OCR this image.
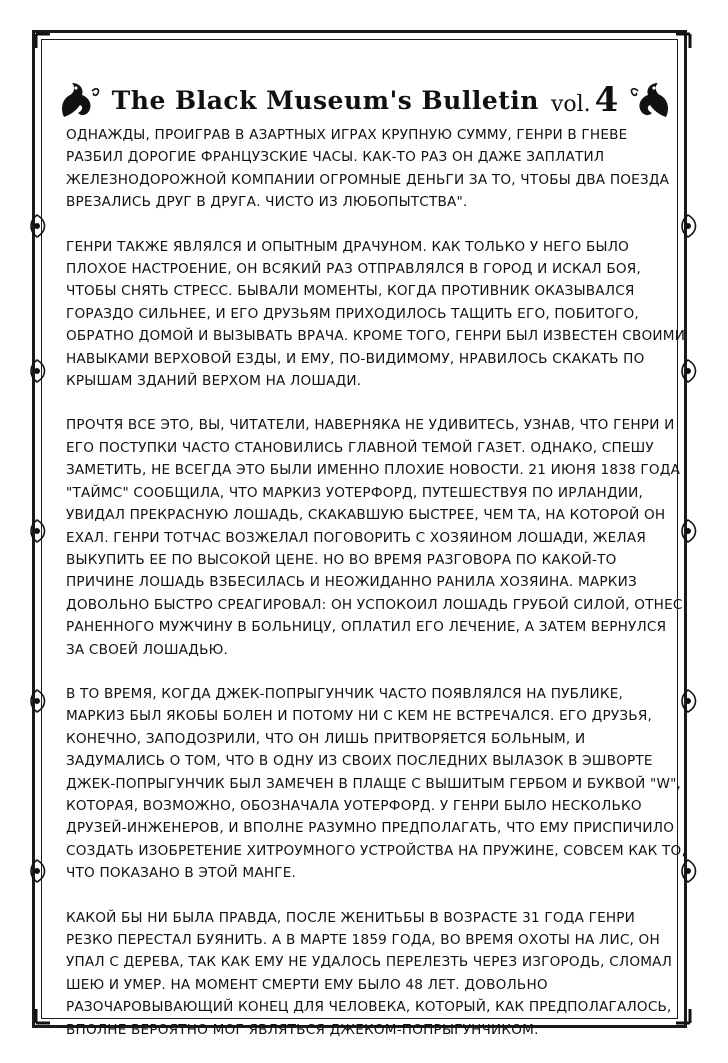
The Black Museum's Bulletin vol. 4

ОДНАЖДЫ, ПРОИГРАВ В АЗАРТНЫХ ИГРАХ КРУПНУЮ СУММУ, ГЕНРИ В ГНЕВЕ РАЗБИЛ ДОРОГИЕ ФРАНЦУЗСКИЕ ЧАСЫ. КАК-ТО РАЗ ОН ДАЖЕ ЗАПЛАТИЛ ЖЕЛЕЗНОДОРОЖНОЙ КОМПАНИИ ОГРОМНЫЕ ДЕНЬГИ ЗА ТО, ЧТОБЫ ДВА ПОЕЗДА ВРЕЗАЛИСЬ ДРУГ В ДРУГА. ЧИСТО ИЗ ЛЮБОПЫТСТВА".

ГЕНРИ ТАКЖЕ ЯВЛЯЛСЯ И ОПЫТНЫМ ДРАЧУНОМ. КАК ТОЛЬКО У НЕГО БЫЛО ПЛОХОЕ НАСТРОЕНИЕ, ОН ВСЯКИЙ РАЗ ОТПРАВЛЯЛСЯ В ГОРОД И ИСКАЛ БОЯ, ЧТОБЫ СНЯТЬ СТРЕСС. БЫВАЛИ МОМЕНТЫ, КОГДА ПРОТИВНИК ОКАЗЫВАЛСЯ ГОРАЗДО СИЛЬНЕЕ, И ЕГО ДРУЗЬЯМ ПРИХОДИЛОСЬ ТАЩИТЬ ЕГО, ПОБИТОГО, ОБРАТНО ДОМОЙ И ВЫЗЫВАТЬ ВРАЧА. КРОМЕ ТОГО, ГЕНРИ БЫЛ ИЗВЕСТЕН СВОИМИ НАВЫКАМИ ВЕРХОВОЙ ЕЗДЫ, И ЕМУ, ПО-ВИДИМОМУ, НРАВИЛОСЬ СКАКАТЬ ПО КРЫШАМ ЗДАНИЙ ВЕРХОМ НА ЛОШАДИ.

ПРОЧТЯ ВСЕ ЭТО, ВЫ, ЧИТАТЕЛИ, НАВЕРНЯКА НЕ УДИВИТЕСЬ, УЗНАВ, ЧТО ГЕНРИ И ЕГО ПОСТУПКИ ЧАСТО СТАНОВИЛИСЬ ГЛАВНОЙ ТЕМОЙ ГАЗЕТ. ОДНАКО, СПЕШУ ЗАМЕТИТЬ, НЕ ВСЕГДА ЭТО БЫЛИ ИМЕННО ПЛОХИЕ НОВОСТИ. 21 ИЮНЯ 1838 ГОДА "ТАЙМС" СООБЩИЛА, ЧТО МАРКИЗ УОТЕРФОРД, ПУТЕШЕСТВУЯ ПО ИРЛАНДИИ, УВИДАЛ ПРЕКРАСНУЮ ЛОШАДЬ, СКАКАВШУЮ БЫСТРЕЕ, ЧЕМ ТА, НА КОТОРОЙ ОН ЕХАЛ. ГЕНРИ ТОТЧАС ВОЗЖЕЛАЛ ПОГОВОРИТЬ С ХОЗЯИНОМ ЛОШАДИ, ЖЕЛАЯ ВЫКУПИТЬ ЕЕ ПО ВЫСОКОЙ ЦЕНЕ. НО ВО ВРЕМЯ РАЗГОВОРА ПО КАКОЙ-ТО ПРИЧИНЕ ЛОШАДЬ ВЗБЕСИЛАСЬ И НЕОЖИДАННО РАНИЛА ХОЗЯИНА. МАРКИЗ ДОВОЛЬНО БЫСТРО СРЕАГИРОВАЛ: ОН УСПОКОИЛ ЛОШАДЬ ГРУБОЙ СИЛОЙ, ОТНЕС РАНЕННОГО МУЖЧИНУ В БОЛЬНИЦУ, ОПЛАТИЛ ЕГО ЛЕЧЕНИЕ, А ЗАТЕМ ВЕРНУЛСЯ ЗА СВОЕЙ ЛОШАДЬЮ.

В ТО ВРЕМЯ, КОГДА ДЖЕК-ПОПРЫГУНЧИК ЧАСТО ПОЯВЛЯЛСЯ НА ПУБЛИКЕ, МАРКИЗ БЫЛ ЯКОБЫ БОЛЕН И ПОТОМУ НИ С КЕМ НЕ ВСТРЕЧАЛСЯ. ЕГО ДРУЗЬЯ, КОНЕЧНО, ЗАПОДОЗРИЛИ, ЧТО ОН ЛИШЬ ПРИТВОРЯЕТСЯ БОЛЬНЫМ, И ЗАДУМАЛИСЬ О ТОМ, ЧТО В ОДНУ ИЗ СВОИХ ПОСЛЕДНИХ ВЫЛАЗОК В ЭШВОРТЕ ДЖЕК-ПОПРЫГУНЧИК БЫЛ ЗАМЕЧЕН В ПЛАЩЕ С ВЫШИТЫМ ГЕРБОМ И БУКВОЙ "W", КОТОРАЯ, ВОЗМОЖНО, ОБОЗНАЧАЛА УОТЕРФОРД. У ГЕНРИ БЫЛО НЕСКОЛЬКО ДРУЗЕЙ-ИНЖЕНЕРОВ, И ВПОЛНЕ РАЗУМНО ПРЕДПОЛАГАТЬ, ЧТО ЕМУ ПРИСПИЧИЛО СОЗДАТЬ ИЗОБРЕТЕНИЕ ХИТРОУМНОГО УСТРОЙСТВА НА ПРУЖИНЕ, СОВСЕМ КАК ТО, ЧТО ПОКАЗАНО В ЭТОЙ МАНГЕ.

КАКОЙ БЫ НИ БЫЛА ПРАВДА, ПОСЛЕ ЖЕНИТЬБЫ В ВОЗРАСТЕ 31 ГОДА ГЕНРИ РЕЗКО ПЕРЕСТАЛ БУЯНИТЬ. А В МАРТЕ 1859 ГОДА, ВО ВРЕМЯ ОХОТЫ НА ЛИС, ОН УПАЛ С ДЕРЕВА, ТАК КАК ЕМУ НЕ УДАЛОСЬ ПЕРЕЛЕЗТЬ ЧЕРЕЗ ИЗГОРОДЬ, СЛОМАЛ ШЕЮ И УМЕР. НА МОМЕНТ СМЕРТИ ЕМУ БЫЛО 48 ЛЕТ. ДОВОЛЬНО РАЗОЧАРОВЫВАЮЩИЙ КОНЕЦ ДЛЯ ЧЕЛОВЕКА, КОТОРЫЙ, КАК ПРЕДПОЛАГАЛОСЬ, ВПОЛНЕ ВЕРОЯТНО МОГ ЯВЛЯТЬСЯ ДЖЕКОМ-ПОПРЫГУНЧИКОМ.
